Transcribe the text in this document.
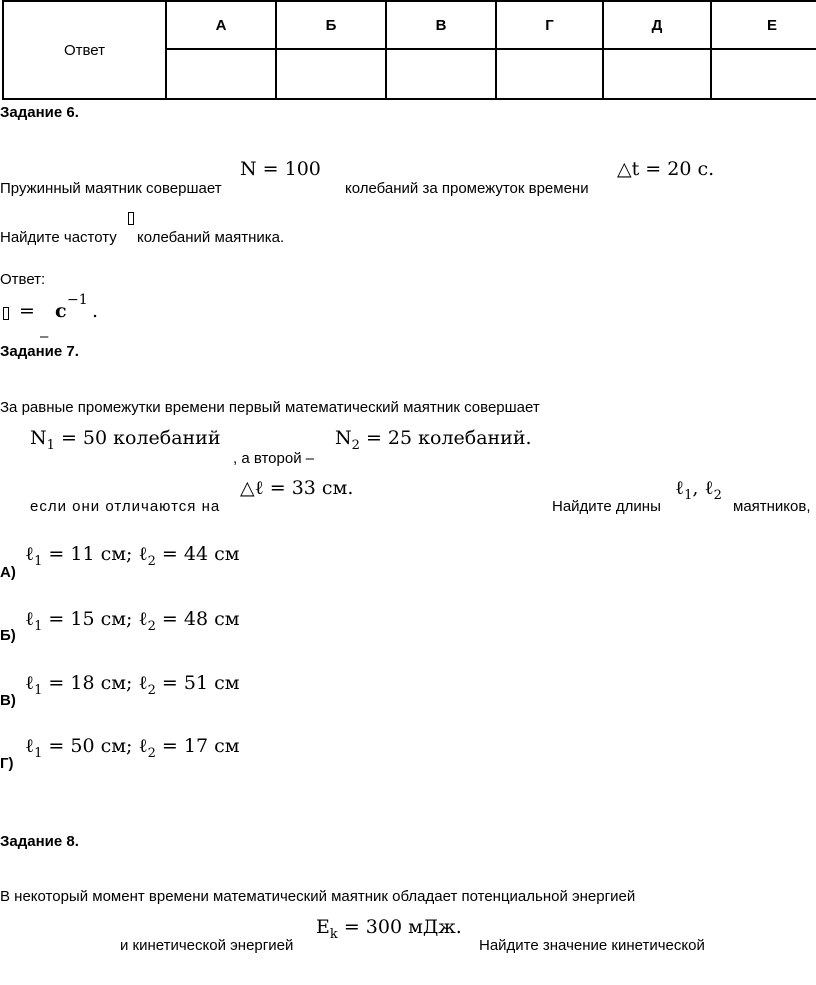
Ответ	А	Б	В	Г	Д	Е

Задание 6.
Пружинный маятник совершает
N = 100
колебаний за промежуток времени
△t = 20 с.
Найдите частоту колебаний маятника.
Ответ:
= с −1 .
–
Задание 7.
За равные промежутки времени первый математический маятник совершает
$N_1 = 50$ колебаний
, а второй –
$N_2 = 25$ колебаний.
если они отличаются на
△ℓ = 33 см.
Найдите длины
ℓ$_1$, ℓ$_2$
маятников,
ℓ$_1$ = 11 см; ℓ$_2$ = 44 см
А)
ℓ$_1$ = 15 см; ℓ$_2$ = 48 см
Б)
ℓ$_1$ = 18 см; ℓ$_2$ = 51 см
В)
ℓ$_1$ = 50 см; ℓ$_2$ = 17 см
Г)
Задание 8.
В некоторый момент времени математический маятник обладает потенциальной энергией
и кинетической энергией
$E_k = 300$ мДж.
Найдите значение кинетической
